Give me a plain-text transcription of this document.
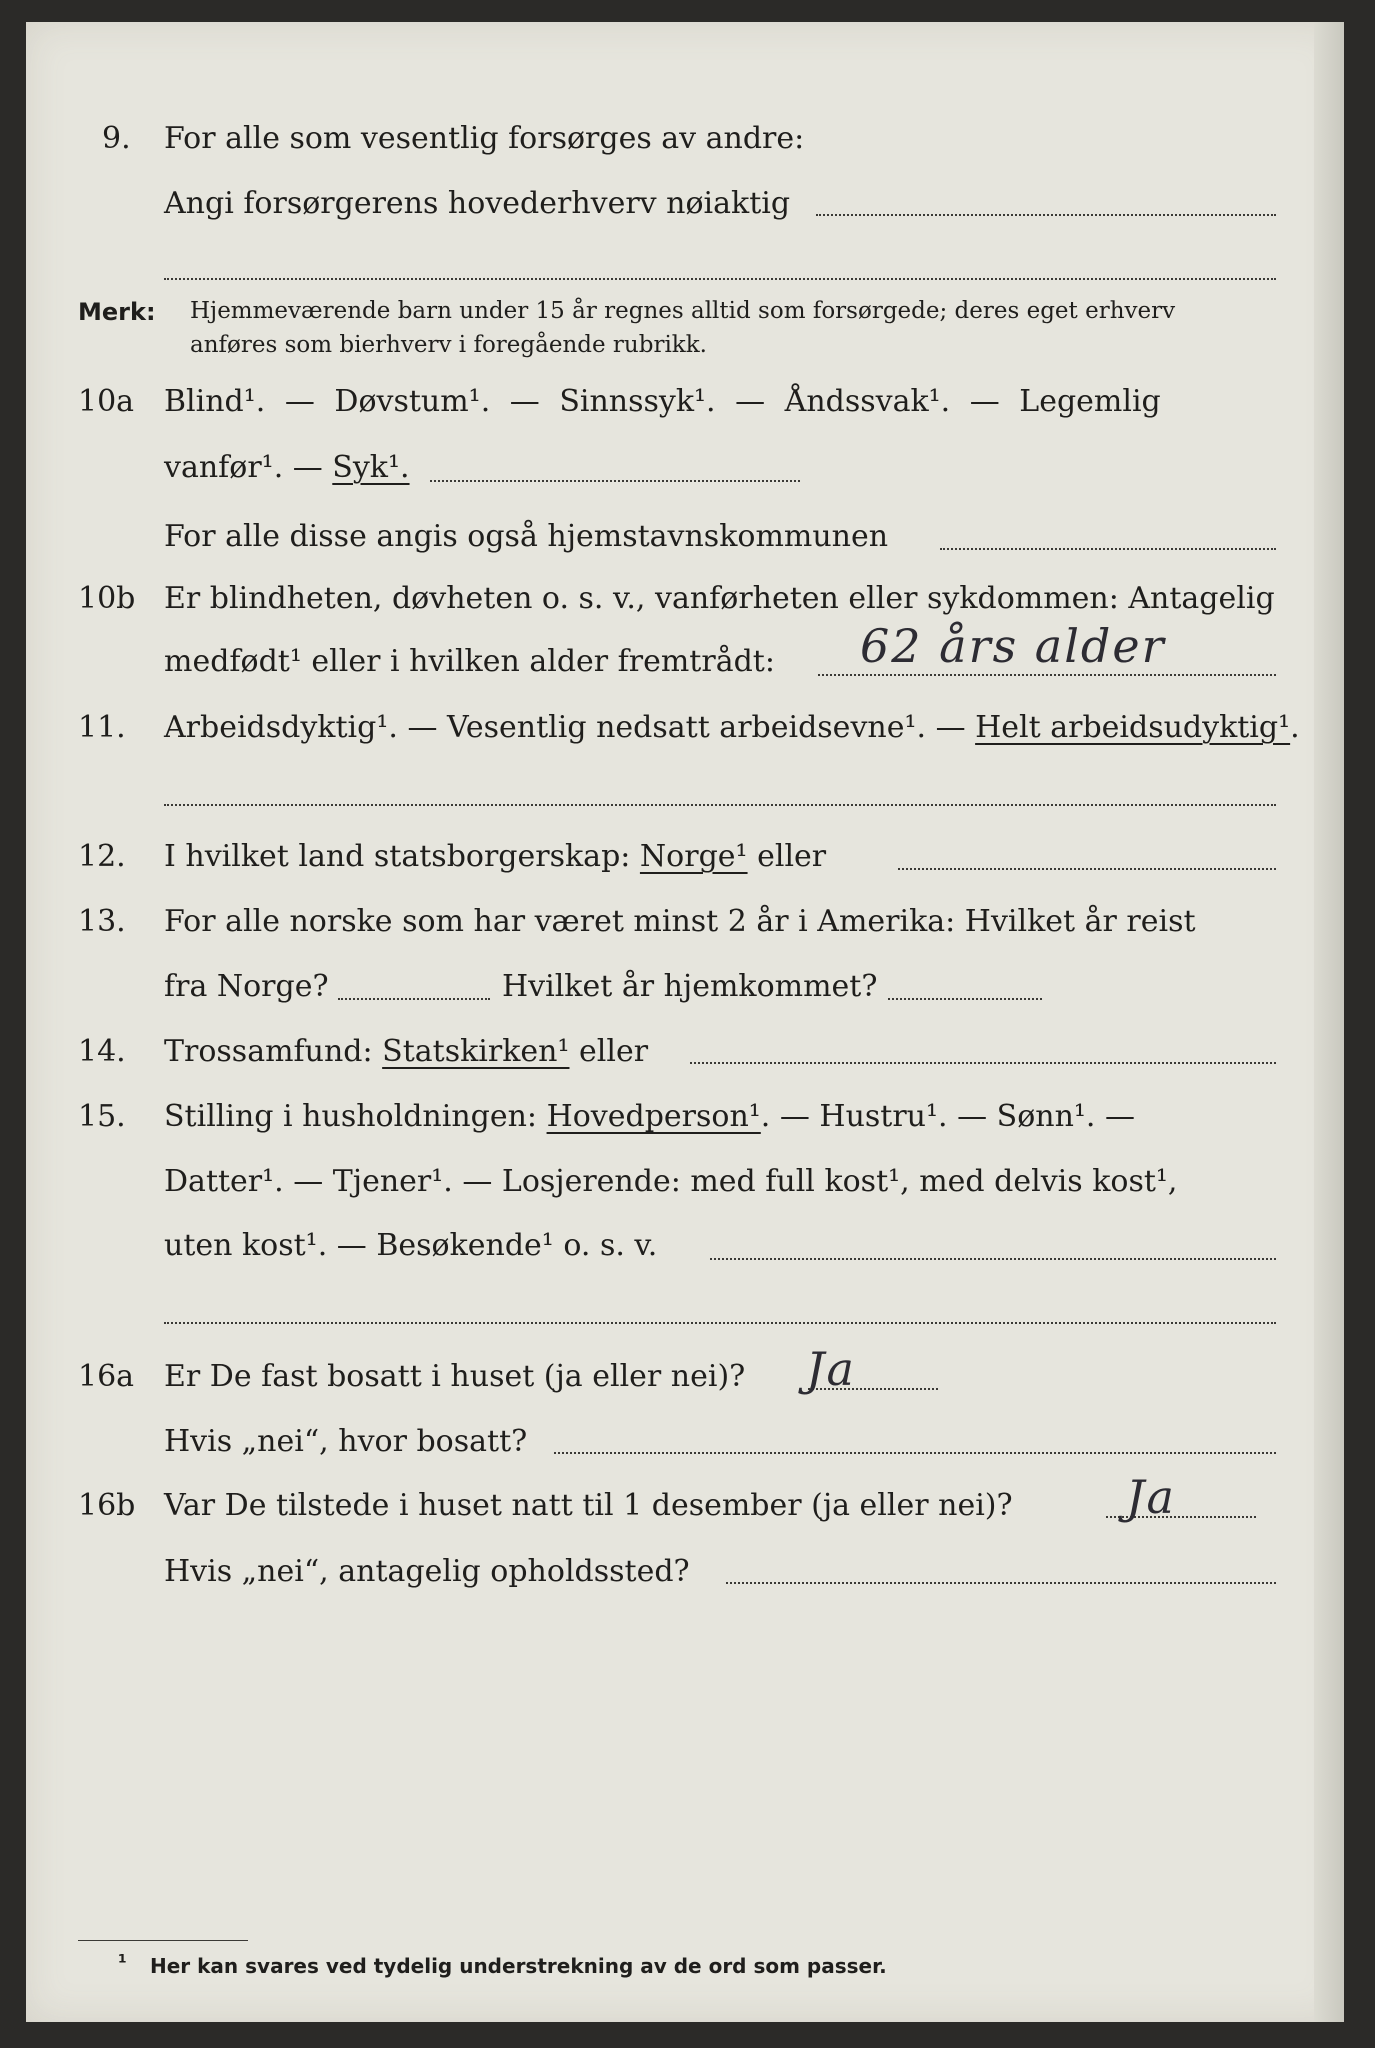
9. For alle som vesentlig forsørges av andre:
Angi forsørgerens hovederhverv nøiaktig
Merk: Hjemmeværende barn under 15 år regnes alltid som forsørgede; deres eget erhverv
anføres som bierhverv i foregående rubrikk.
10a Blind¹. — Døvstum¹. — Sinnssyk¹. — Åndssvak¹. — Legemlig
vanfør¹. — Syk¹.
For alle disse angis også hjemstavnskommunen
10b Er blindheten, døvheten o. s. v., vanførheten eller sykdommen: Antagelig
medfødt¹ eller i hvilken alder fremtrådt: 62 års alder
11. Arbeidsdyktig¹. — Vesentlig nedsatt arbeidsevne¹. — Helt arbeidsudyktig¹.
12. I hvilket land statsborgerskap: Norge¹ eller
13. For alle norske som har været minst 2 år i Amerika: Hvilket år reist
fra Norge?	Hvilket år hjemkommet?
14. Trossamfund: Statskirken¹ eller
15. Stilling i husholdningen: Hovedperson¹. — Hustru¹. — Sønn¹. —
Datter¹. — Tjener¹. — Losjerende: med full kost¹, med delvis kost¹,
uten kost¹. — Besøkende¹ o. s. v.
16a Er De fast bosatt i huset (ja eller nei)? Ja
Hvis „nei“, hvor bosatt?
16b Var De tilstede i huset natt til 1 desember (ja eller nei)? Ja
Hvis „nei“, antagelig opholdssted?
¹ Her kan svares ved tydelig understrekning av de ord som passer.
